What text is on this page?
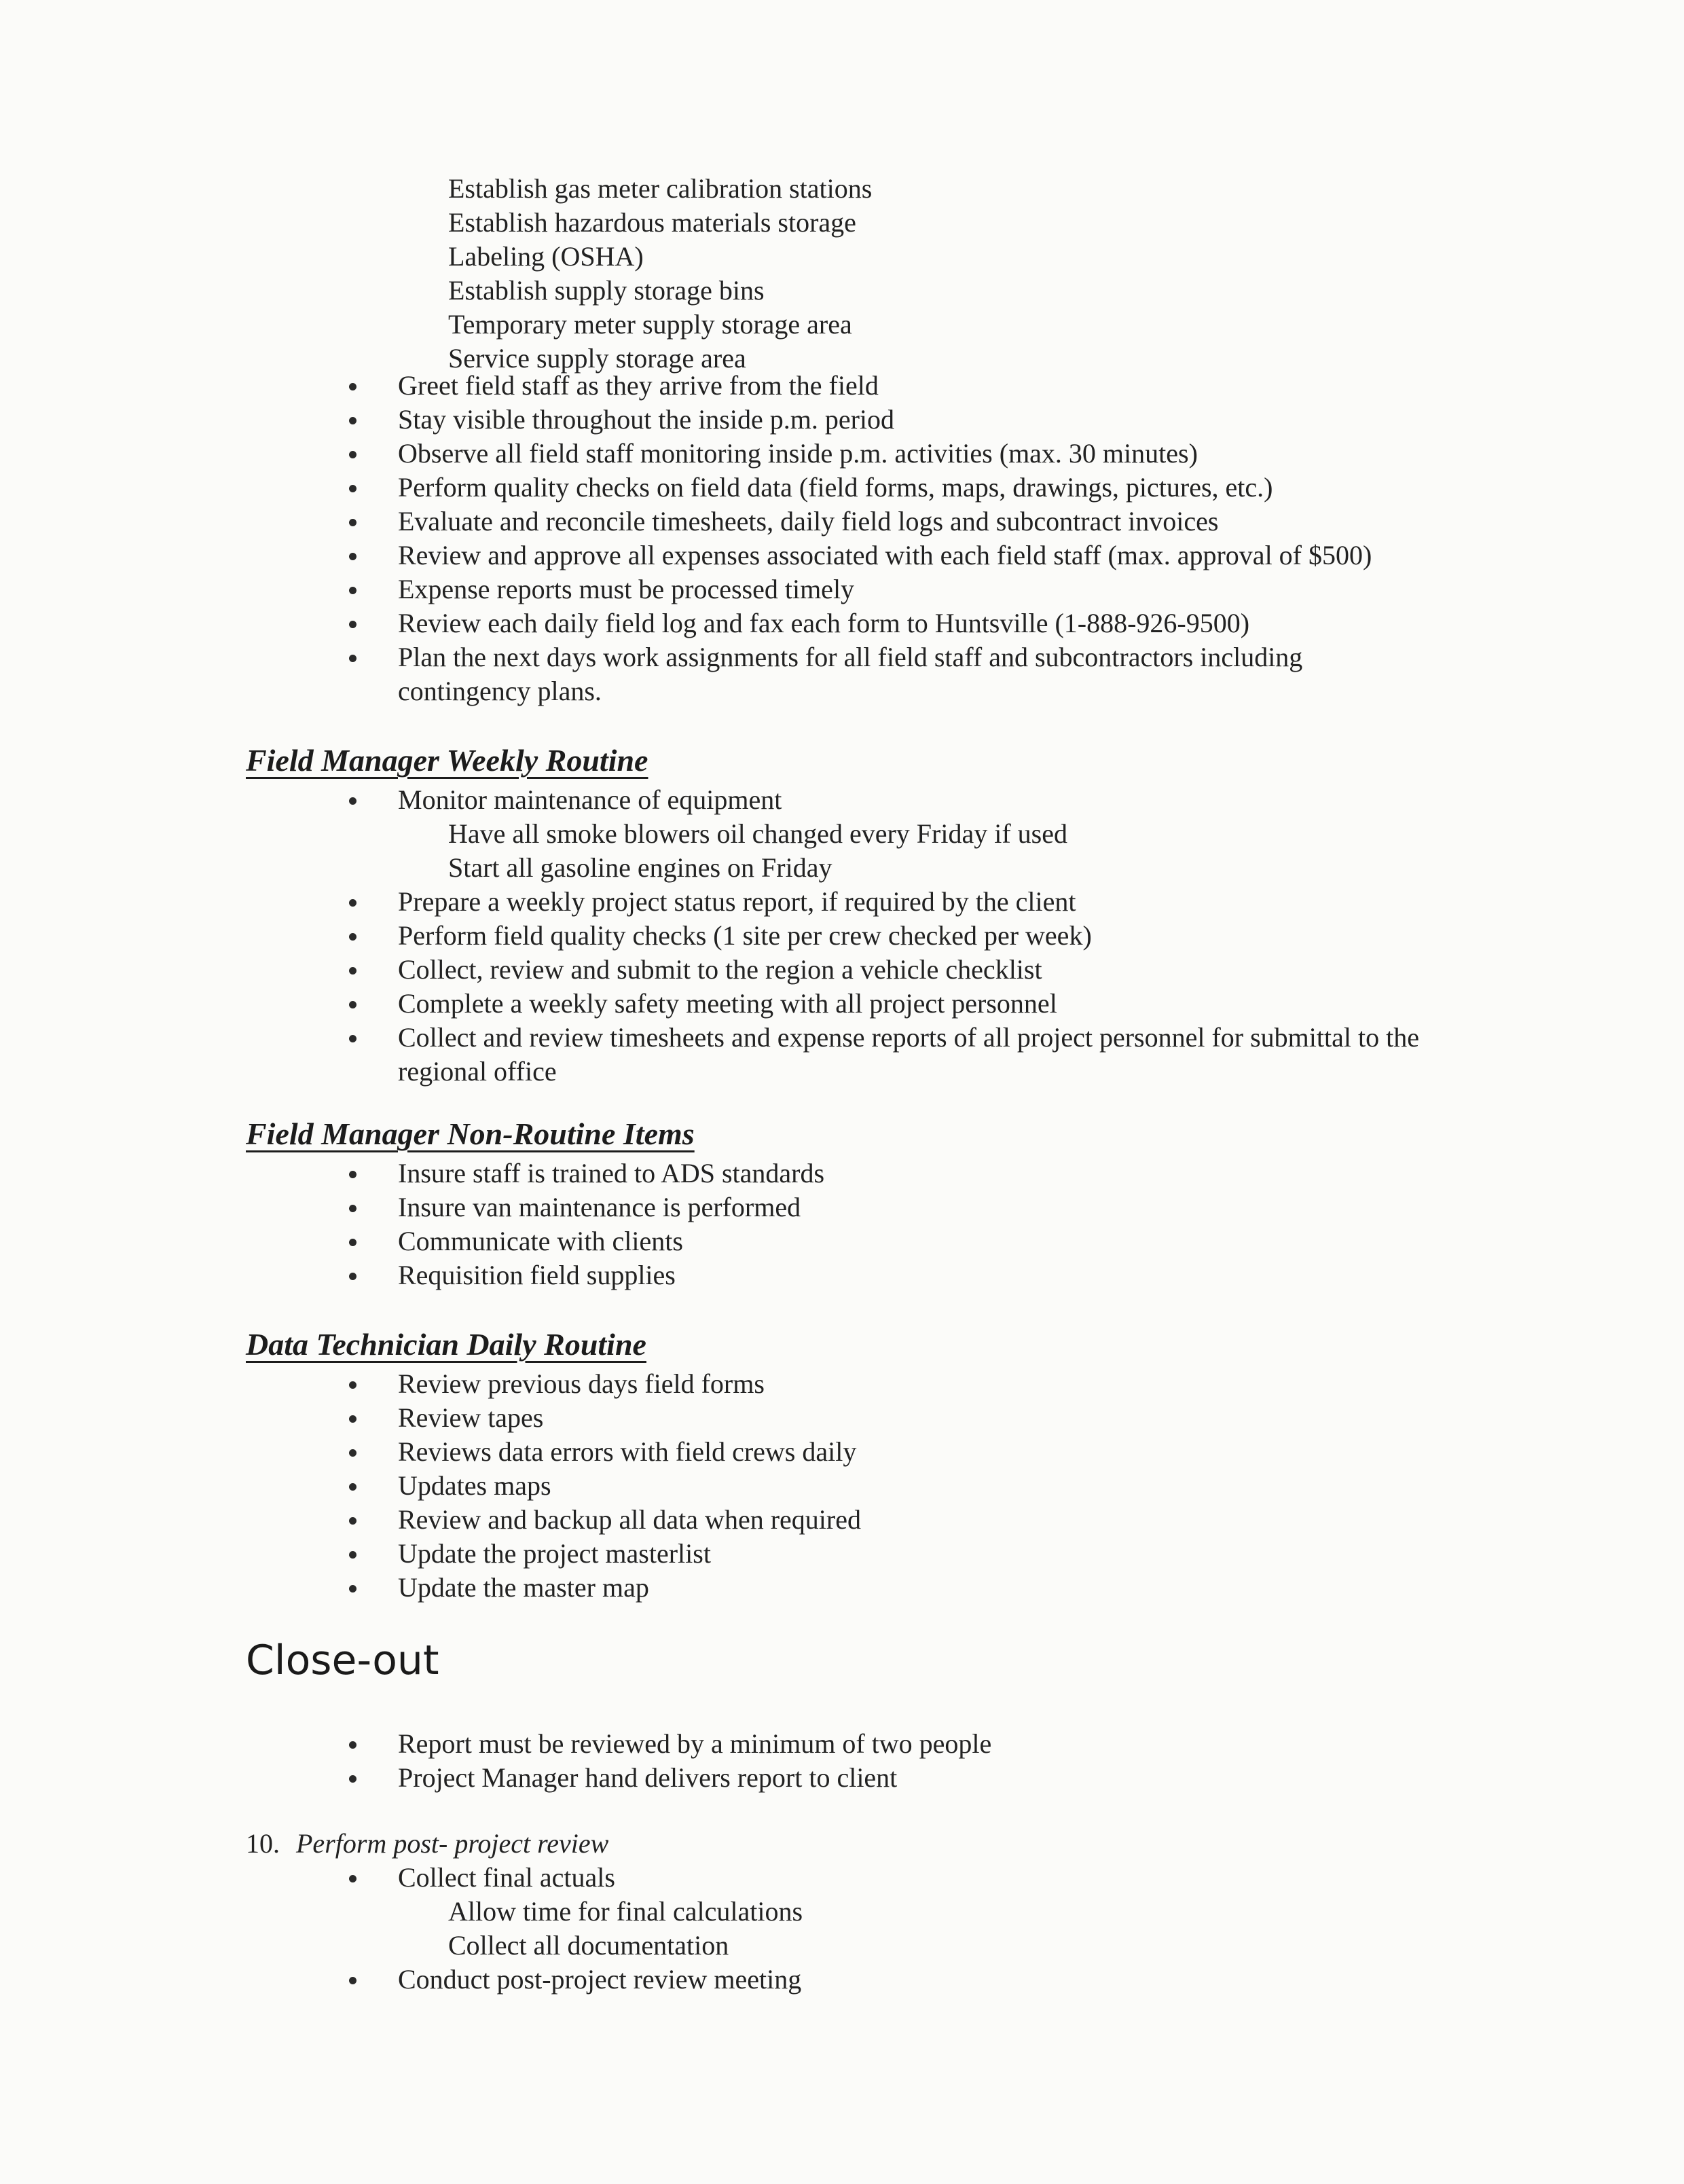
Establish gas meter calibration stations
Establish hazardous materials storage
Labeling (OSHA)
Establish supply storage bins
Temporary meter supply storage area
Service supply storage area
Greet field staff as they arrive from the field
Stay visible throughout the inside p.m. period
Observe all field staff monitoring inside p.m. activities (max. 30 minutes)
Perform quality checks on field data (field forms, maps, drawings, pictures, etc.)
Evaluate and reconcile timesheets, daily field logs and subcontract invoices
Review and approve all expenses associated with each field staff (max. approval of $500)
Expense reports must be processed timely
Review each daily field log and fax each form to Huntsville (1-888-926-9500)
Plan the next days work assignments for all field staff and subcontractors including
contingency plans.
Field Manager Weekly Routine
Monitor maintenance of equipment
Have all smoke blowers oil changed every Friday if used
Start all gasoline engines on Friday
Prepare a weekly project status report, if required by the client
Perform field quality checks (1 site per crew checked per week)
Collect, review and submit to the region a vehicle checklist
Complete a weekly safety meeting with all project personnel
Collect and review timesheets and expense reports of all project personnel for submittal to the
regional office
Field Manager Non-Routine Items
Insure staff is trained to ADS standards
Insure van maintenance is performed
Communicate with clients
Requisition field supplies
Data Technician Daily Routine
Review previous days field forms
Review tapes
Reviews data errors with field crews daily
Updates maps
Review and backup all data when required
Update the project masterlist
Update the master map
Close-out
Report must be reviewed by a minimum of two people
Project Manager hand delivers report to client
10. Perform post- project review
Collect final actuals
Allow time for final calculations
Collect all documentation
Conduct post-project review meeting
